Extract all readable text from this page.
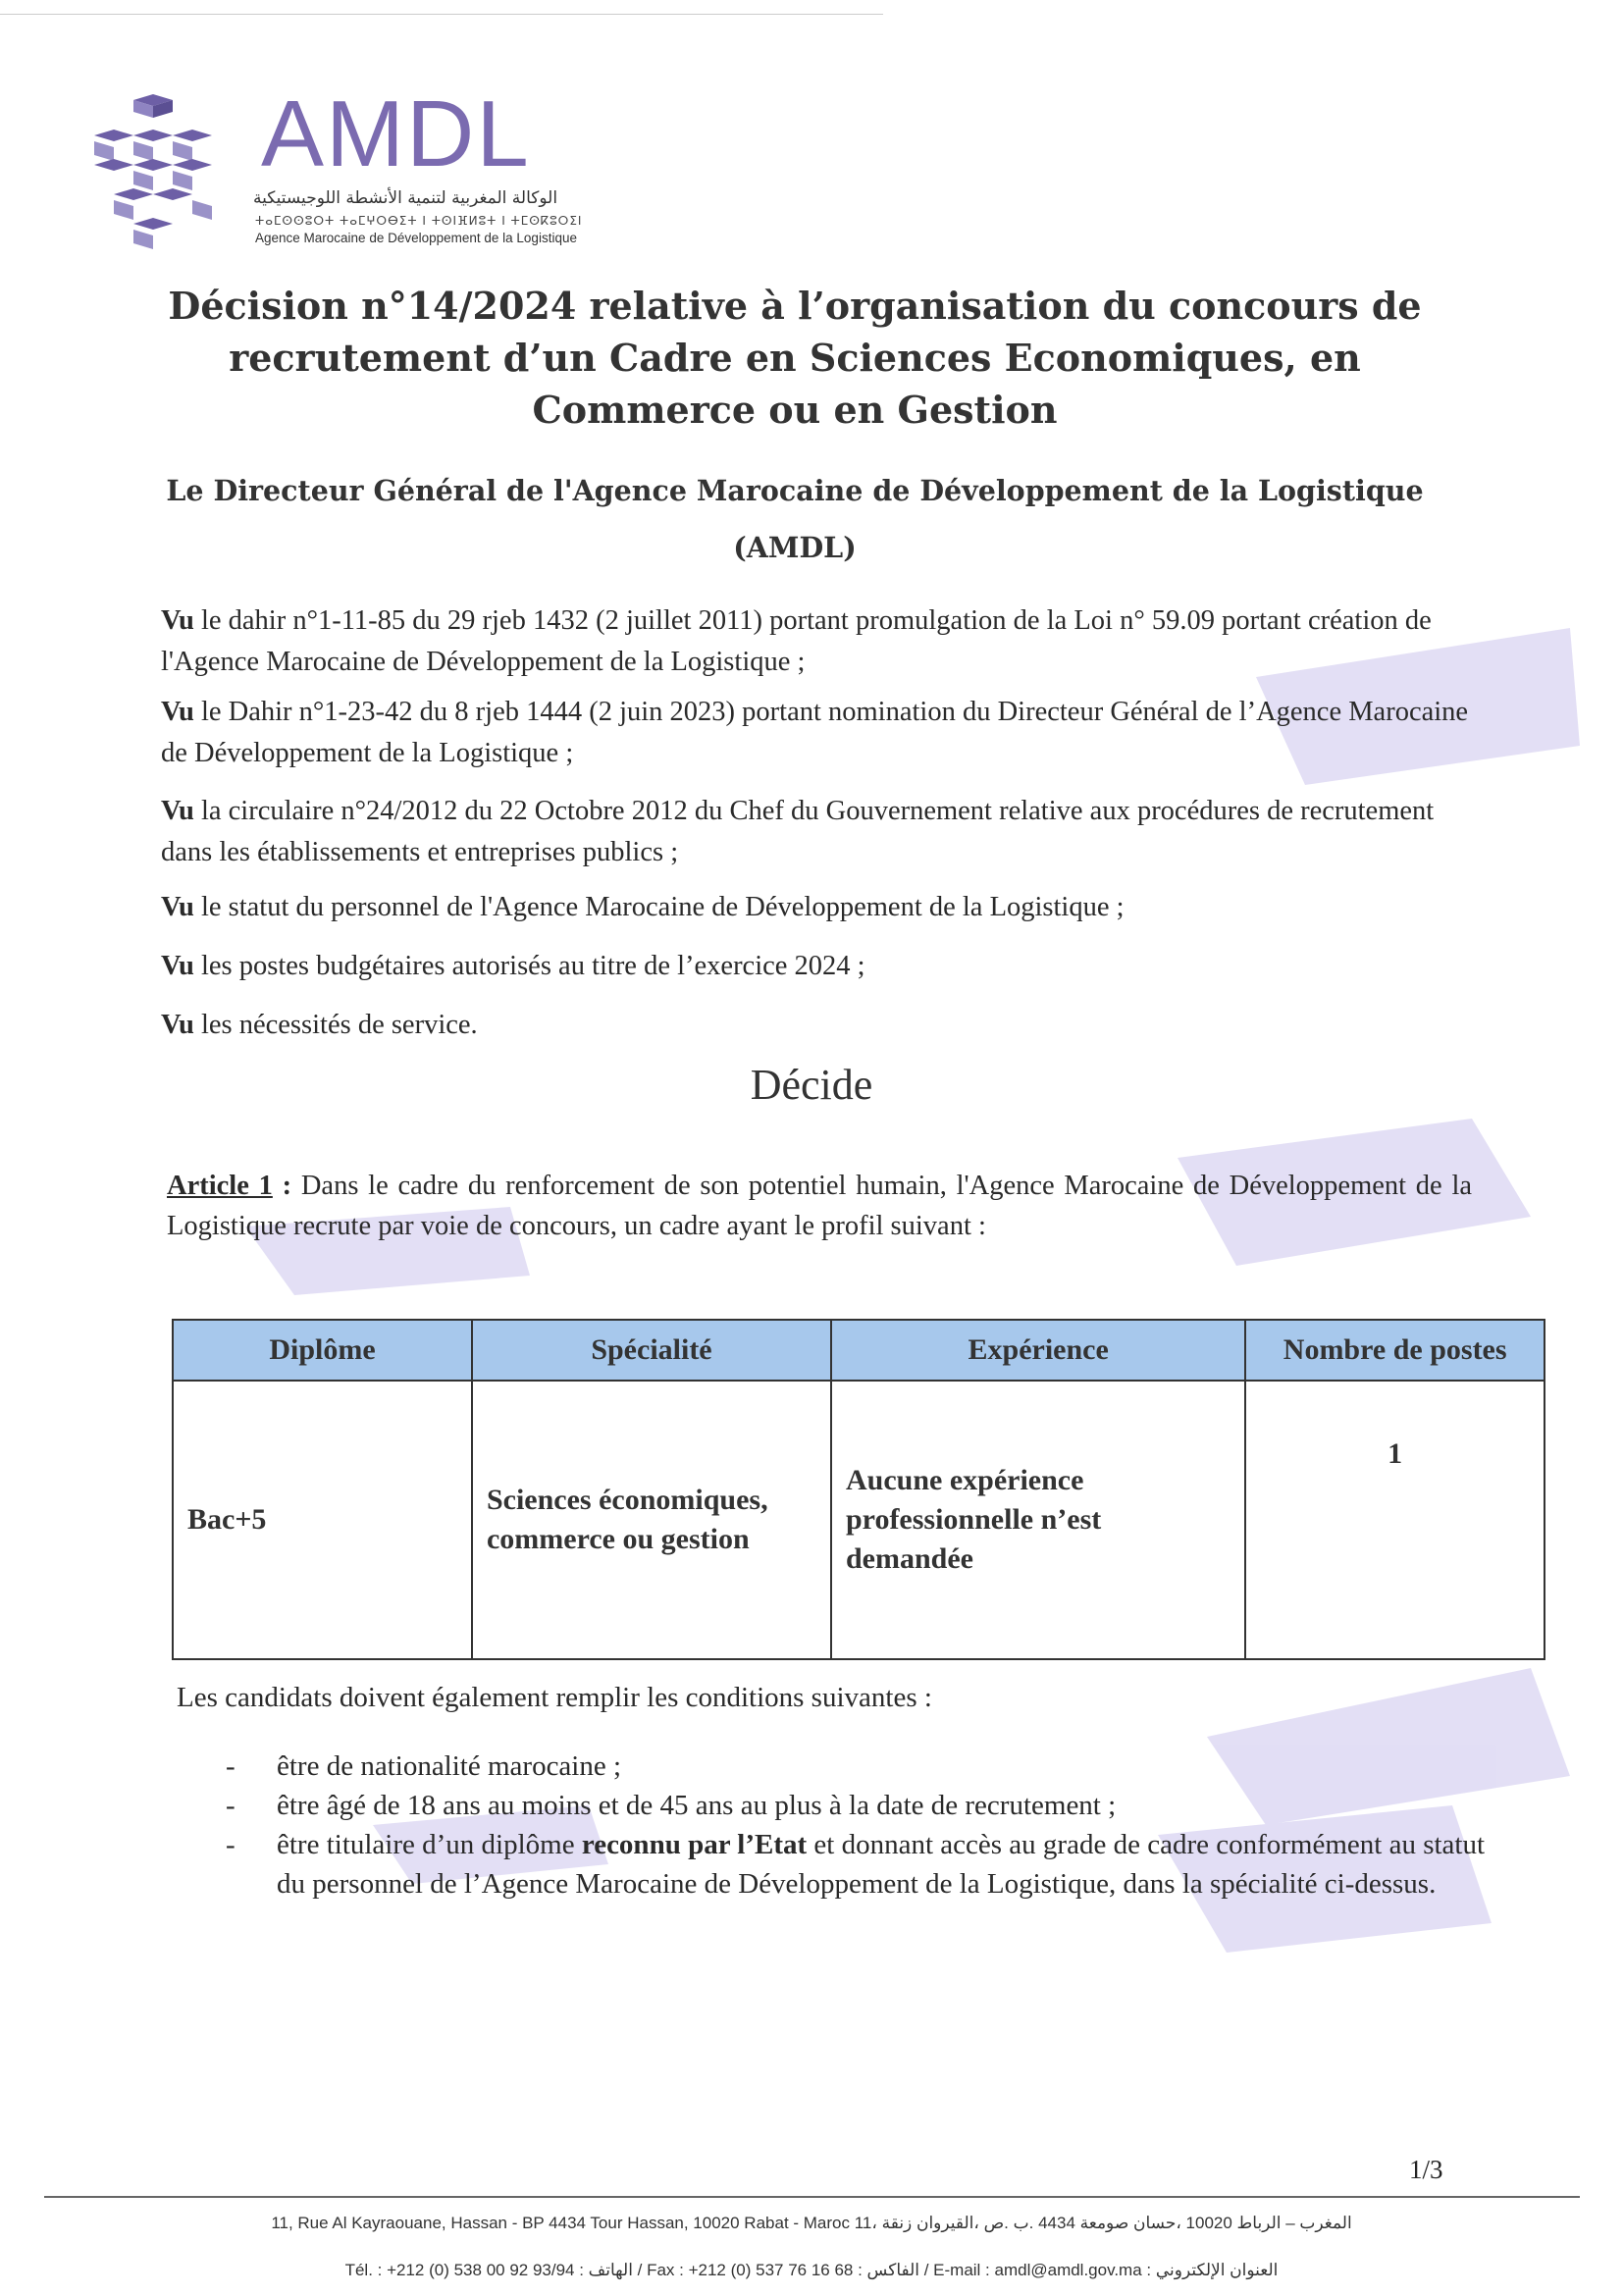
AMDL
الوكالة المغربية لتنمية الأنشطة اللوجيستيكية
ⵜⴰⵎⵙⵙⵓⵔⵜ ⵜⴰⵎⵖⵔⴱⵉⵜ ⵏ ⵜⵙⵏⴼⵍⵓⵜ ⵏ ⵜⵎⵙⴽⵓⵔⵉⵏ
Agence Marocaine de Développement de la Logistique
Décision n°14/2024 relative à l’organisation du concours de recrutement d’un Cadre en Sciences Economiques, en Commerce ou en Gestion
Le Directeur Général de l'Agence Marocaine de Développement de la Logistique
(AMDL)
Vu le dahir n°1-11-85 du 29 rjeb 1432 (2 juillet 2011) portant promulgation de la Loi n° 59.09 portant création de l'Agence Marocaine de Développement de la Logistique ;
Vu le Dahir n°1-23-42 du 8 rjeb 1444 (2 juin 2023) portant nomination du Directeur Général de l’Agence Marocaine de Développement de la Logistique ;
Vu la circulaire n°24/2012 du 22 Octobre 2012 du Chef du Gouvernement relative aux procédures de recrutement dans les établissements et entreprises publics ;
Vu le statut du personnel de l'Agence Marocaine de Développement de la Logistique ;
Vu les postes budgétaires autorisés au titre de l’exercice 2024 ;
Vu les nécessités de service.
Décide
Article 1 : Dans le cadre du renforcement de son potentiel humain, l'Agence Marocaine de Développement de la Logistique recrute par voie de concours, un cadre ayant le profil suivant :
Diplôme	Spécialité	Expérience	Nombre de postes
Bac+5	Sciences économiques, commerce ou gestion	Aucune expérience professionnelle n’est demandée	1
Les candidats doivent également remplir les conditions suivantes :
- être de nationalité marocaine ;
- être âgé de 18 ans au moins et de 45 ans au plus à la date de recrutement ;
- être titulaire d’un diplôme reconnu par l’Etat et donnant accès au grade de cadre conformément au statut du personnel de l’Agence Marocaine de Développement de la Logistique, dans la spécialité ci-dessus.
1/3
11, Rue Al Kayraouane, Hassan - BP 4434 Tour Hassan, 10020 Rabat - Maroc المغرب – الرباط 10020 ،حسان صومعة 4434 .ب .ص ،القيروان زنقة ،11
Tél. : +212 (0) 538 00 92 93/94 : الهاتف / Fax : +212 (0) 537 76 16 68 : الفاكس / E-mail : amdl@amdl.gov.ma : العنوان الإلكتروني
